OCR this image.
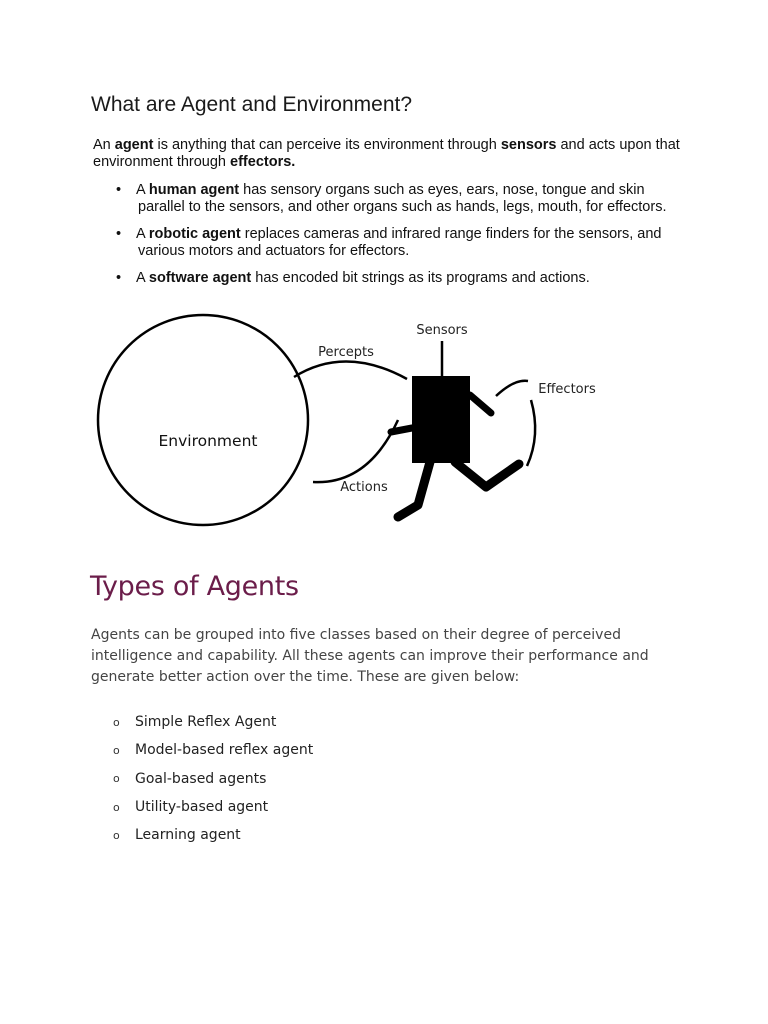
What are Agent and Environment?

An agent is anything that can perceive its environment through sensors and acts upon that environment through effectors.

• A human agent has sensory organs such as eyes, ears, nose, tongue and skin
parallel to the sensors, and other organs such as hands, legs, mouth, for effectors.
• A robotic agent replaces cameras and infrared range finders for the sensors, and
various motors and actuators for effectors.
• A software agent has encoded bit strings as its programs and actions.
Environment
Percepts
Actions
Sensors
Effectors
Types of Agents

Agents can be grouped into five classes based on their degree of perceived intelligence and capability. All these agents can improve their performance and generate better action over the time. These are given below:

o	Simple Reflex Agent
o	Model-based reflex agent
o	Goal-based agents
o	Utility-based agent
o	Learning agent
